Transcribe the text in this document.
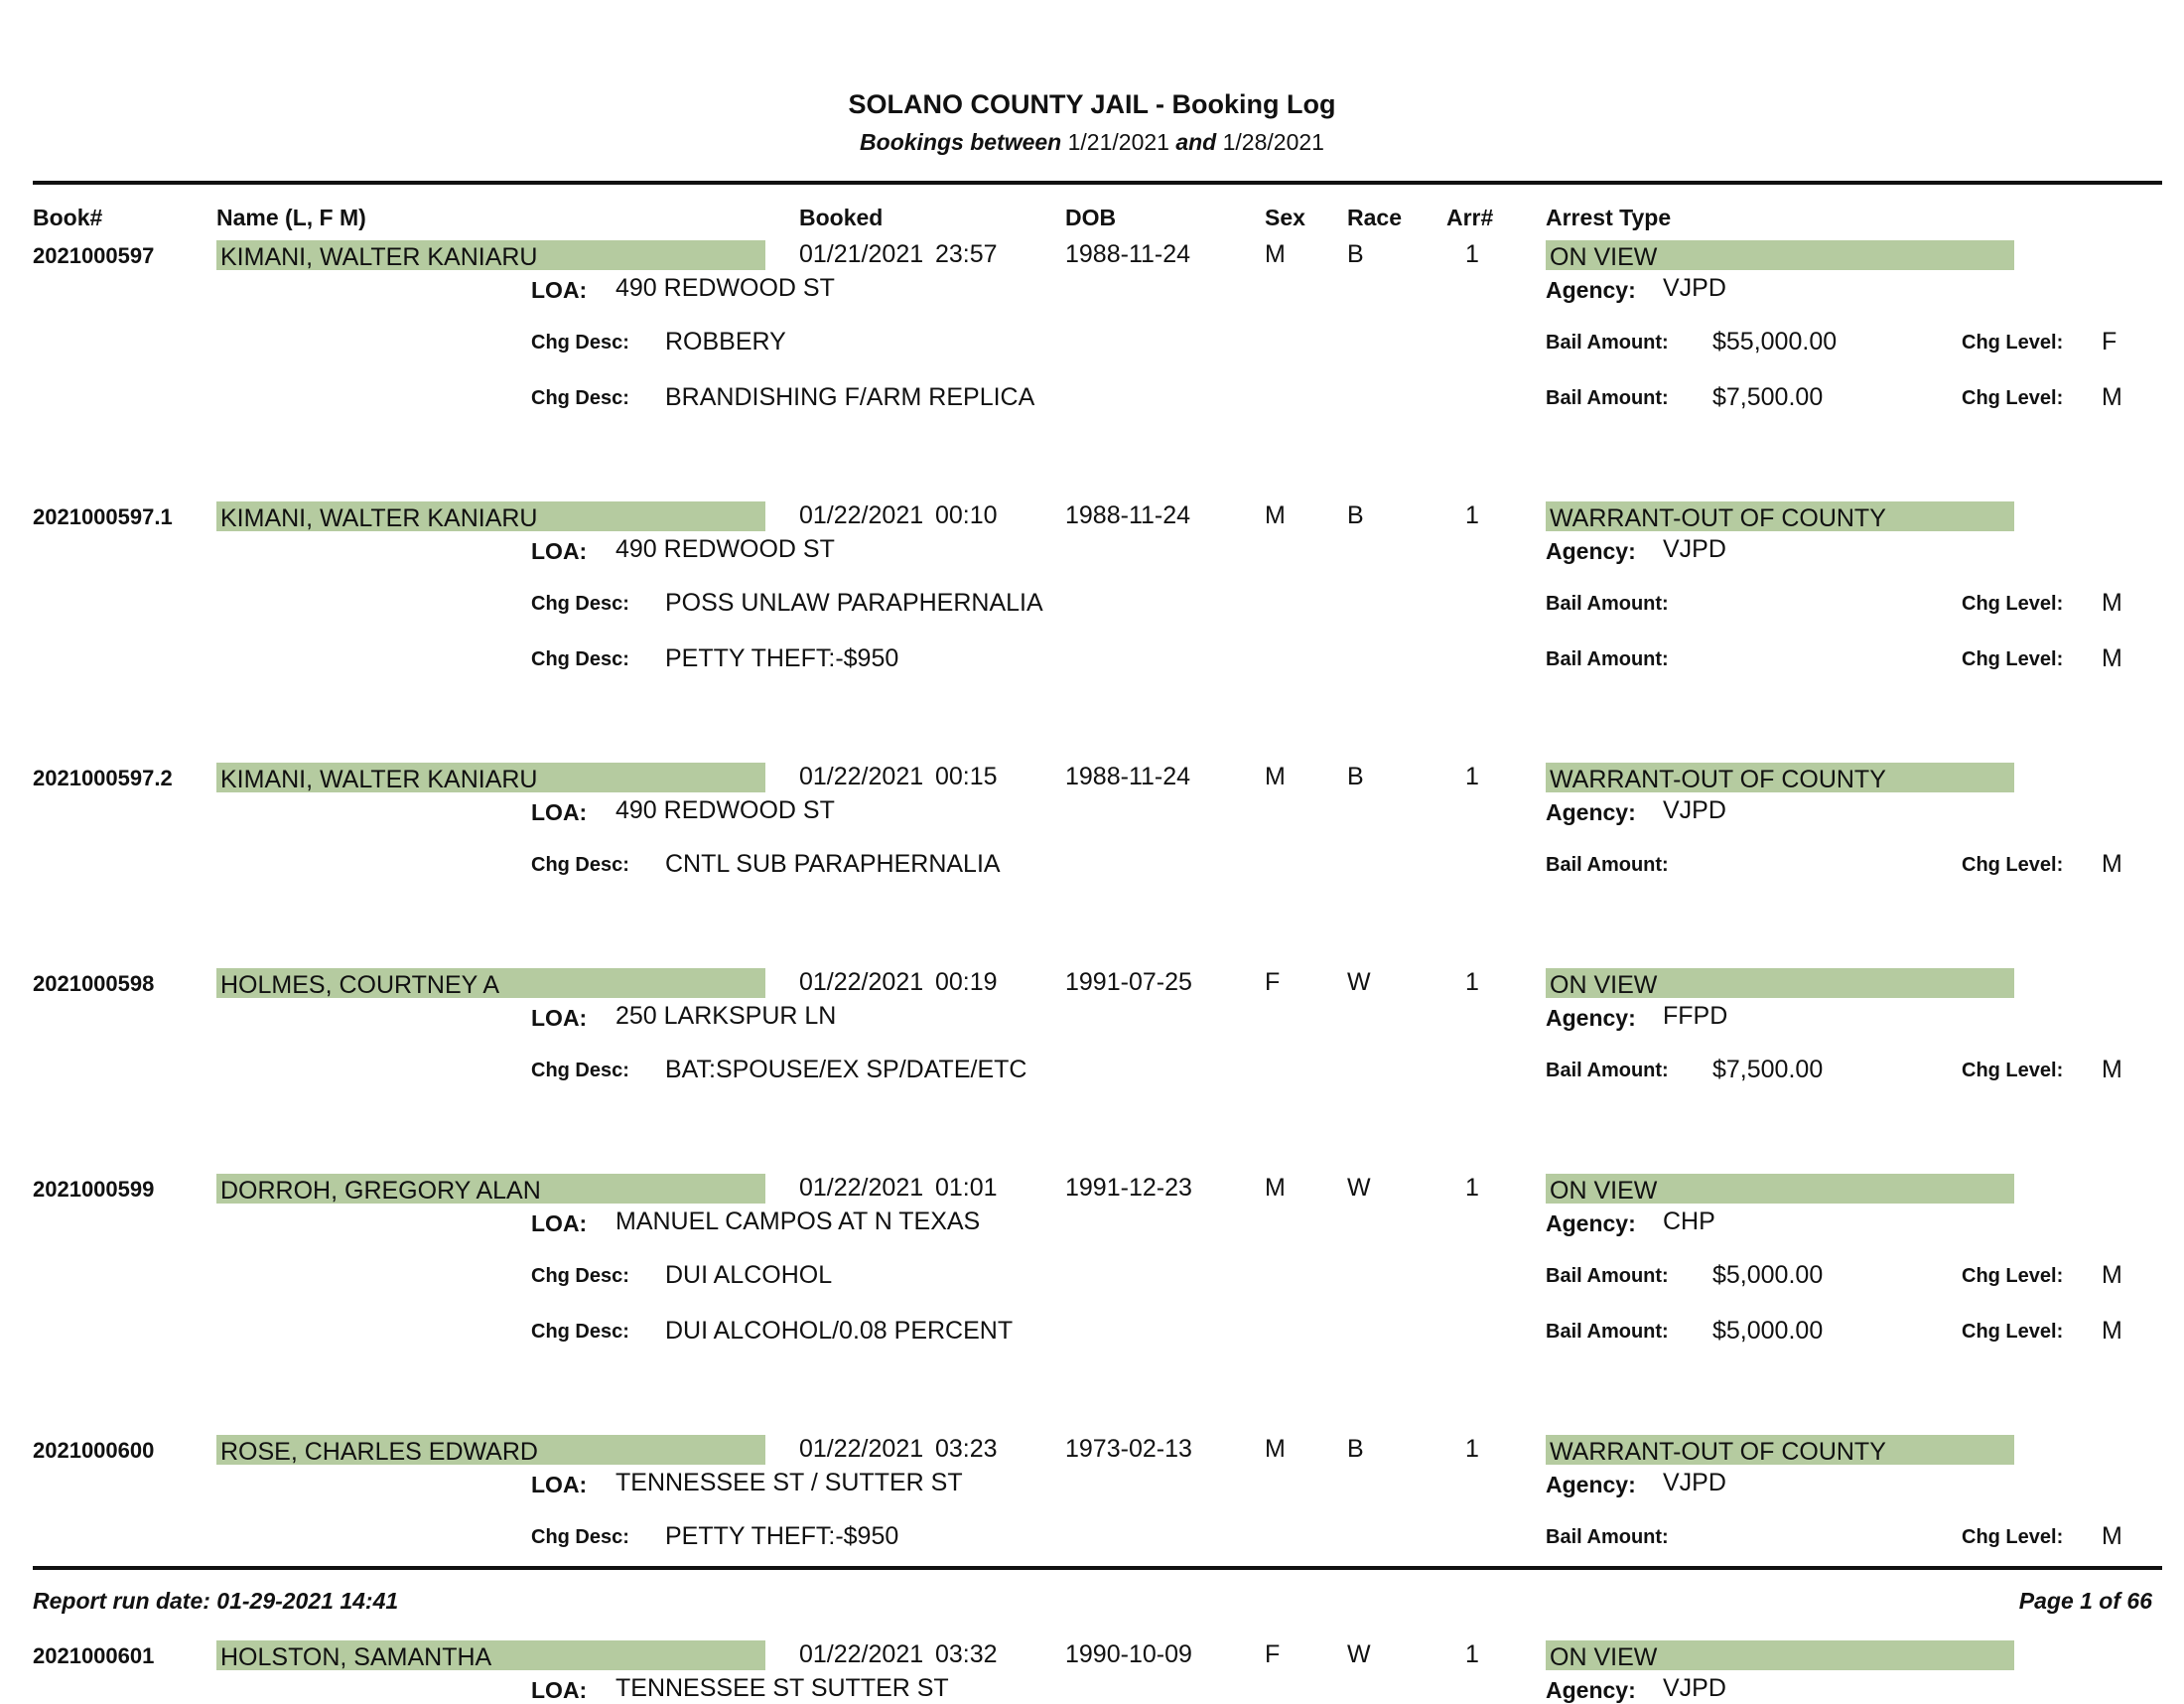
SOLANO COUNTY JAIL - Booking Log
Bookings between 1/21/2021 and 1/28/2021
Book#	Name (L, F M)	Booked	DOB	Sex Race Arr# Arrest Type
2021000597	KIMANI, WALTER KANIARU	01/21/2021 23:57	1988-11-24	M B	1	ON VIEW
LOA: 490 REDWOOD ST	Agency: VJPD
Chg Desc: ROBBERY	Bail Amount: $55,000.00	Chg Level: F
Chg Desc: BRANDISHING F/ARM REPLICA	Bail Amount: $7,500.00	Chg Level: M
2021000597.1 KIMANI, WALTER KANIARU	01/22/2021 00:10	1988-11-24	M B	1	WARRANT-OUT OF COUNTY
LOA: 490 REDWOOD ST	Agency: VJPD
Chg Desc: POSS UNLAW PARAPHERNALIA	Bail Amount:	Chg Level: M
Chg Desc: PETTY THEFT:-$950	Bail Amount:	Chg Level: M
2021000597.2 KIMANI, WALTER KANIARU	01/22/2021 00:15	1988-11-24	M B	1	WARRANT-OUT OF COUNTY
LOA: 490 REDWOOD ST	Agency: VJPD
Chg Desc: CNTL SUB PARAPHERNALIA	Bail Amount:	Chg Level: M
2021000598	HOLMES, COURTNEY A	01/22/2021 00:19	1991-07-25	F	W	1	ON VIEW
LOA: 250 LARKSPUR LN	Agency: FFPD
Chg Desc: BAT:SPOUSE/EX SP/DATE/ETC	Bail Amount: $7,500.00	Chg Level: M
2021000599	DORROH, GREGORY ALAN	01/22/2021 01:01	1991-12-23	M W	1	ON VIEW
LOA: MANUEL CAMPOS AT N TEXAS	Agency: CHP
Chg Desc: DUI ALCOHOL	Bail Amount: $5,000.00	Chg Level: M
Chg Desc: DUI ALCOHOL/0.08 PERCENT	Bail Amount: $5,000.00	Chg Level: M
2021000600	ROSE, CHARLES EDWARD	01/22/2021 03:23	1973-02-13	M B	1	WARRANT-OUT OF COUNTY
LOA: TENNESSEE ST / SUTTER ST	Agency: VJPD
Chg Desc: PETTY THEFT:-$950	Bail Amount:	Chg Level: M
2021000601	HOLSTON, SAMANTHA	01/22/2021 03:32	1990-10-09	F	W	1	ON VIEW
LOA: TENNESSEE ST SUTTER ST	Agency: VJPD
Report run date: 01-29-2021 14:41	Page 1 of 66
